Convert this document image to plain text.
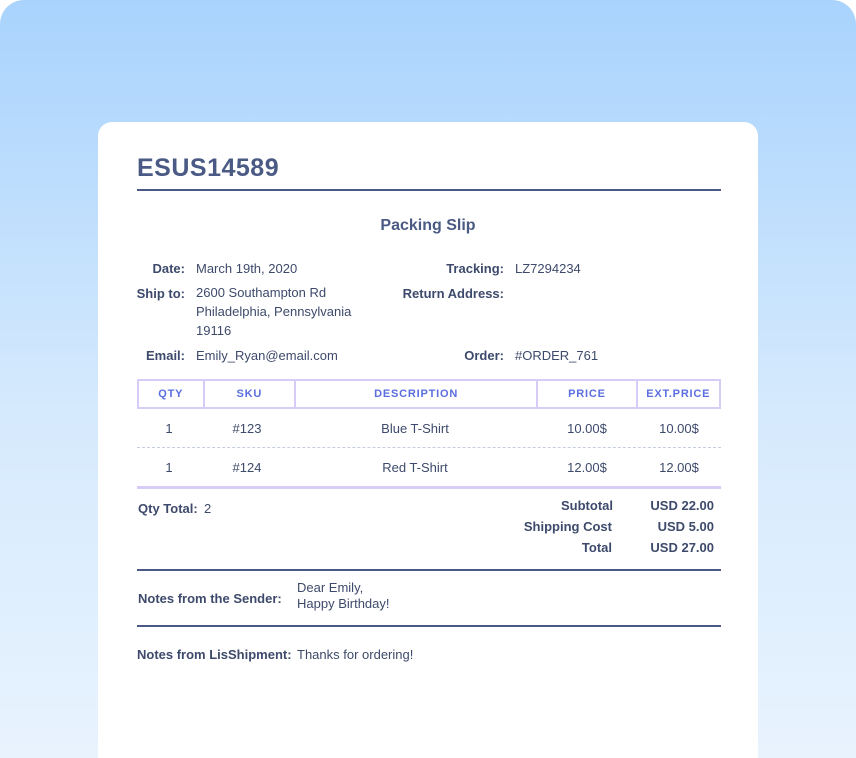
ESUS14589
Packing Slip
Date: March 19th, 2020
Ship to: 2600 Southampton Rd
Philadelphia, Pennsylvania
19116
Email: Emily_Ryan@email.com
Tracking: LZ7294234
Return Address:
Order: #ORDER_761
QTY	SKU	DESCRIPTION	PRICE	EXT.PRICE
1	#123	Blue T-Shirt	10.00$	10.00$
1	#124	Red T-Shirt	12.00$	12.00$
Qty Total: 2	Subtotal	USD 22.00
Shipping Cost	USD 5.00
Total	USD 27.00
Notes from the Sender:
Dear Emily,
Happy Birthday!
Notes from LisShipment: Thanks for ordering!
